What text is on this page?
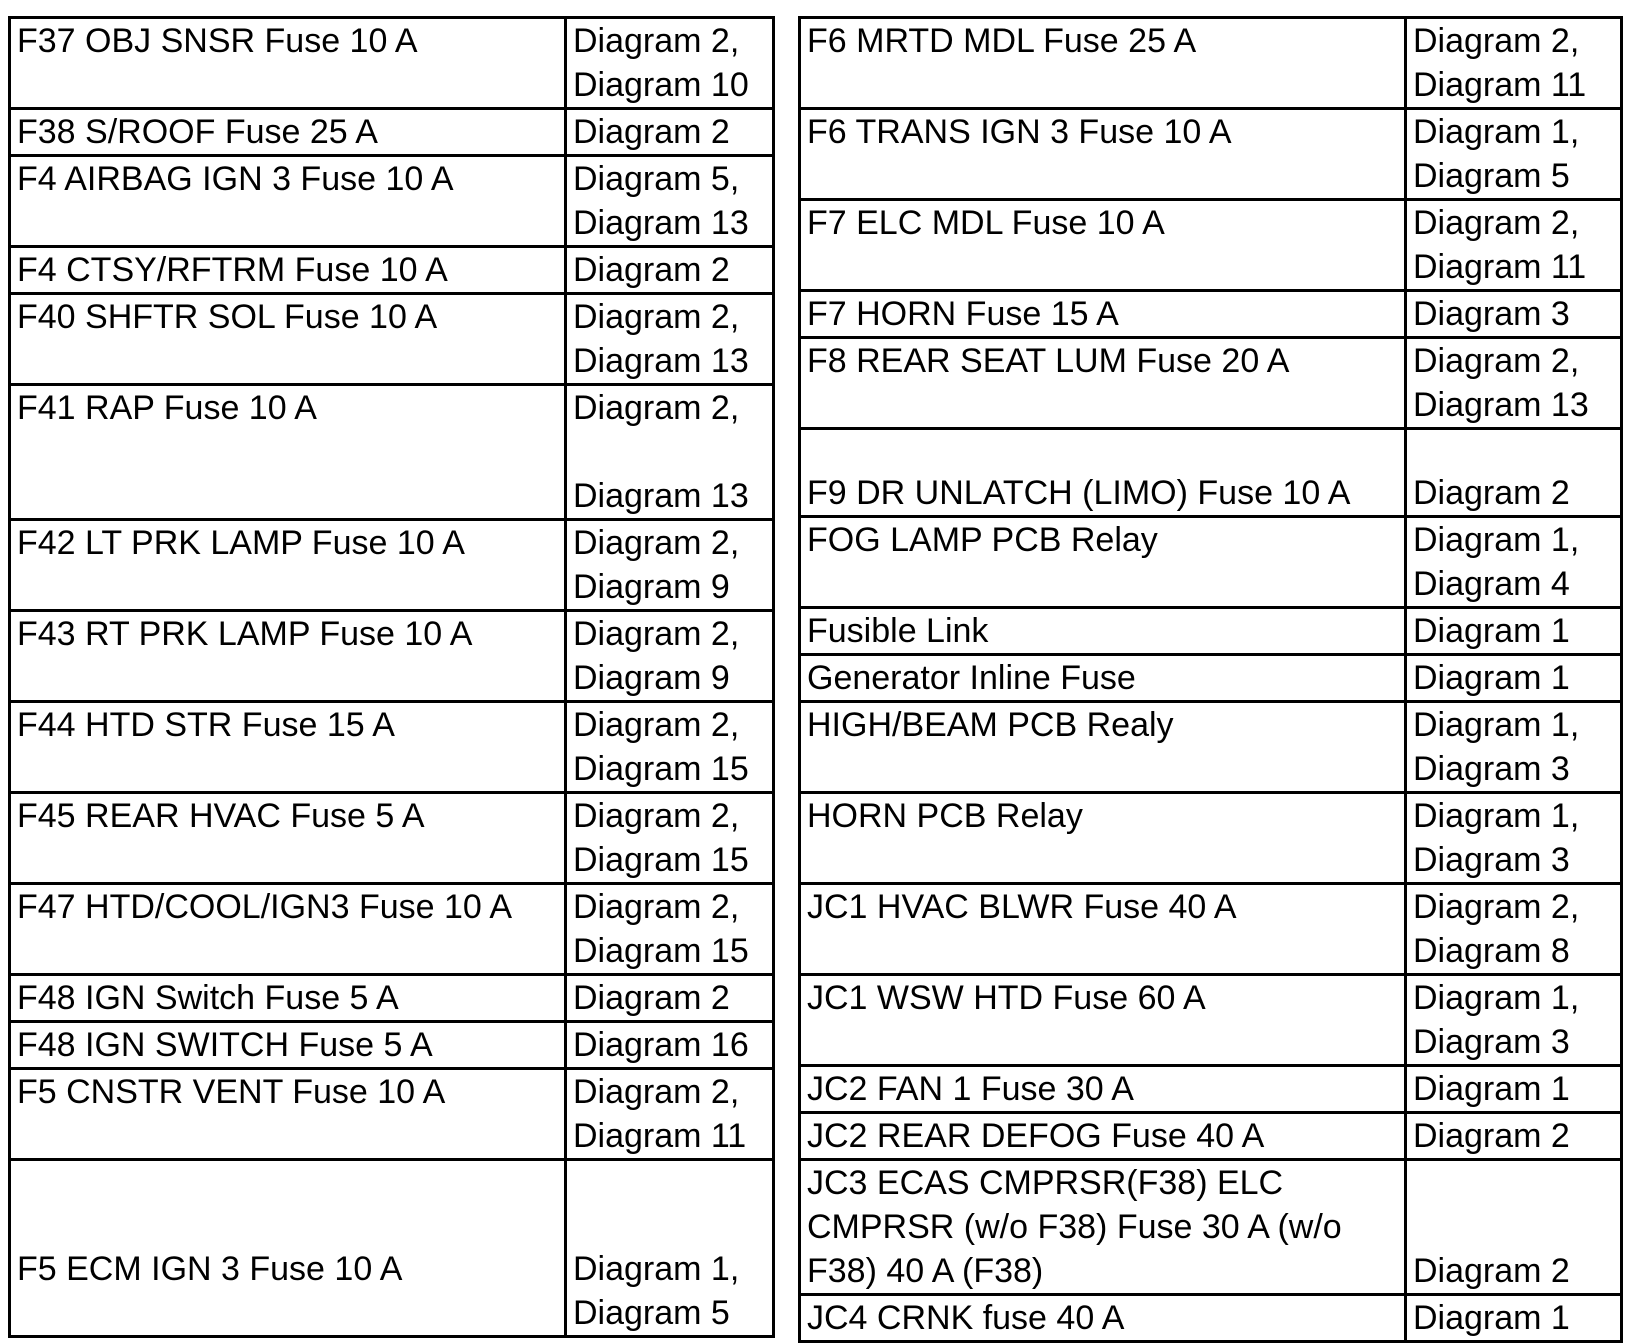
F37 OBJ SNSR Fuse 10 A	Diagram 2,
Diagram 10
F38 S/ROOF Fuse 25 A	Diagram 2
F4 AIRBAG IGN 3 Fuse 10 A	Diagram 5,
Diagram 13
F4 CTSY/RFTRM Fuse 10 A	Diagram 2
F40 SHFTR SOL Fuse 10 A	Diagram 2,
Diagram 13
F41 RAP Fuse 10 A	Diagram 2,

Diagram 13
F42 LT PRK LAMP Fuse 10 A	Diagram 2,
Diagram 9
F43 RT PRK LAMP Fuse 10 A	Diagram 2,
Diagram 9
F44 HTD STR Fuse 15 A	Diagram 2,
Diagram 15
F45 REAR HVAC Fuse 5 A	Diagram 2,
Diagram 15
F47 HTD/COOL/IGN3 Fuse 10 A	Diagram 2,
Diagram 15
F48 IGN Switch Fuse 5 A	Diagram 2
F48 IGN SWITCH Fuse 5 A	Diagram 16
F5 CNSTR VENT Fuse 10 A	Diagram 2,
Diagram 11
F5 ECM IGN 3 Fuse 10 A	Diagram 1,
Diagram 5
F6 MRTD MDL Fuse 25 A	Diagram 2,
Diagram 11
F6 TRANS IGN 3 Fuse 10 A	Diagram 1,
Diagram 5
F7 ELC MDL Fuse 10 A	Diagram 2,
Diagram 11
F7 HORN Fuse 15 A	Diagram 3
F8 REAR SEAT LUM Fuse 20 A	Diagram 2,
Diagram 13
F9 DR UNLATCH (LIMO) Fuse 10 A	Diagram 2
FOG LAMP PCB Relay	Diagram 1,
Diagram 4
Fusible Link	Diagram 1
Generator Inline Fuse	Diagram 1
HIGH/BEAM PCB Realy	Diagram 1,
Diagram 3
HORN PCB Relay	Diagram 1,
Diagram 3
JC1 HVAC BLWR Fuse 40 A	Diagram 2,
Diagram 8
JC1 WSW HTD Fuse 60 A	Diagram 1,
Diagram 3
JC2 FAN 1 Fuse 30 A	Diagram 1
JC2 REAR DEFOG Fuse 40 A	Diagram 2
JC3 ECAS CMPRSR(F38) ELC
CMPRSR (w/o F38) Fuse 30 A (w/o
F38) 40 A (F38)	Diagram 2
JC4 CRNK fuse 40 A	Diagram 1
